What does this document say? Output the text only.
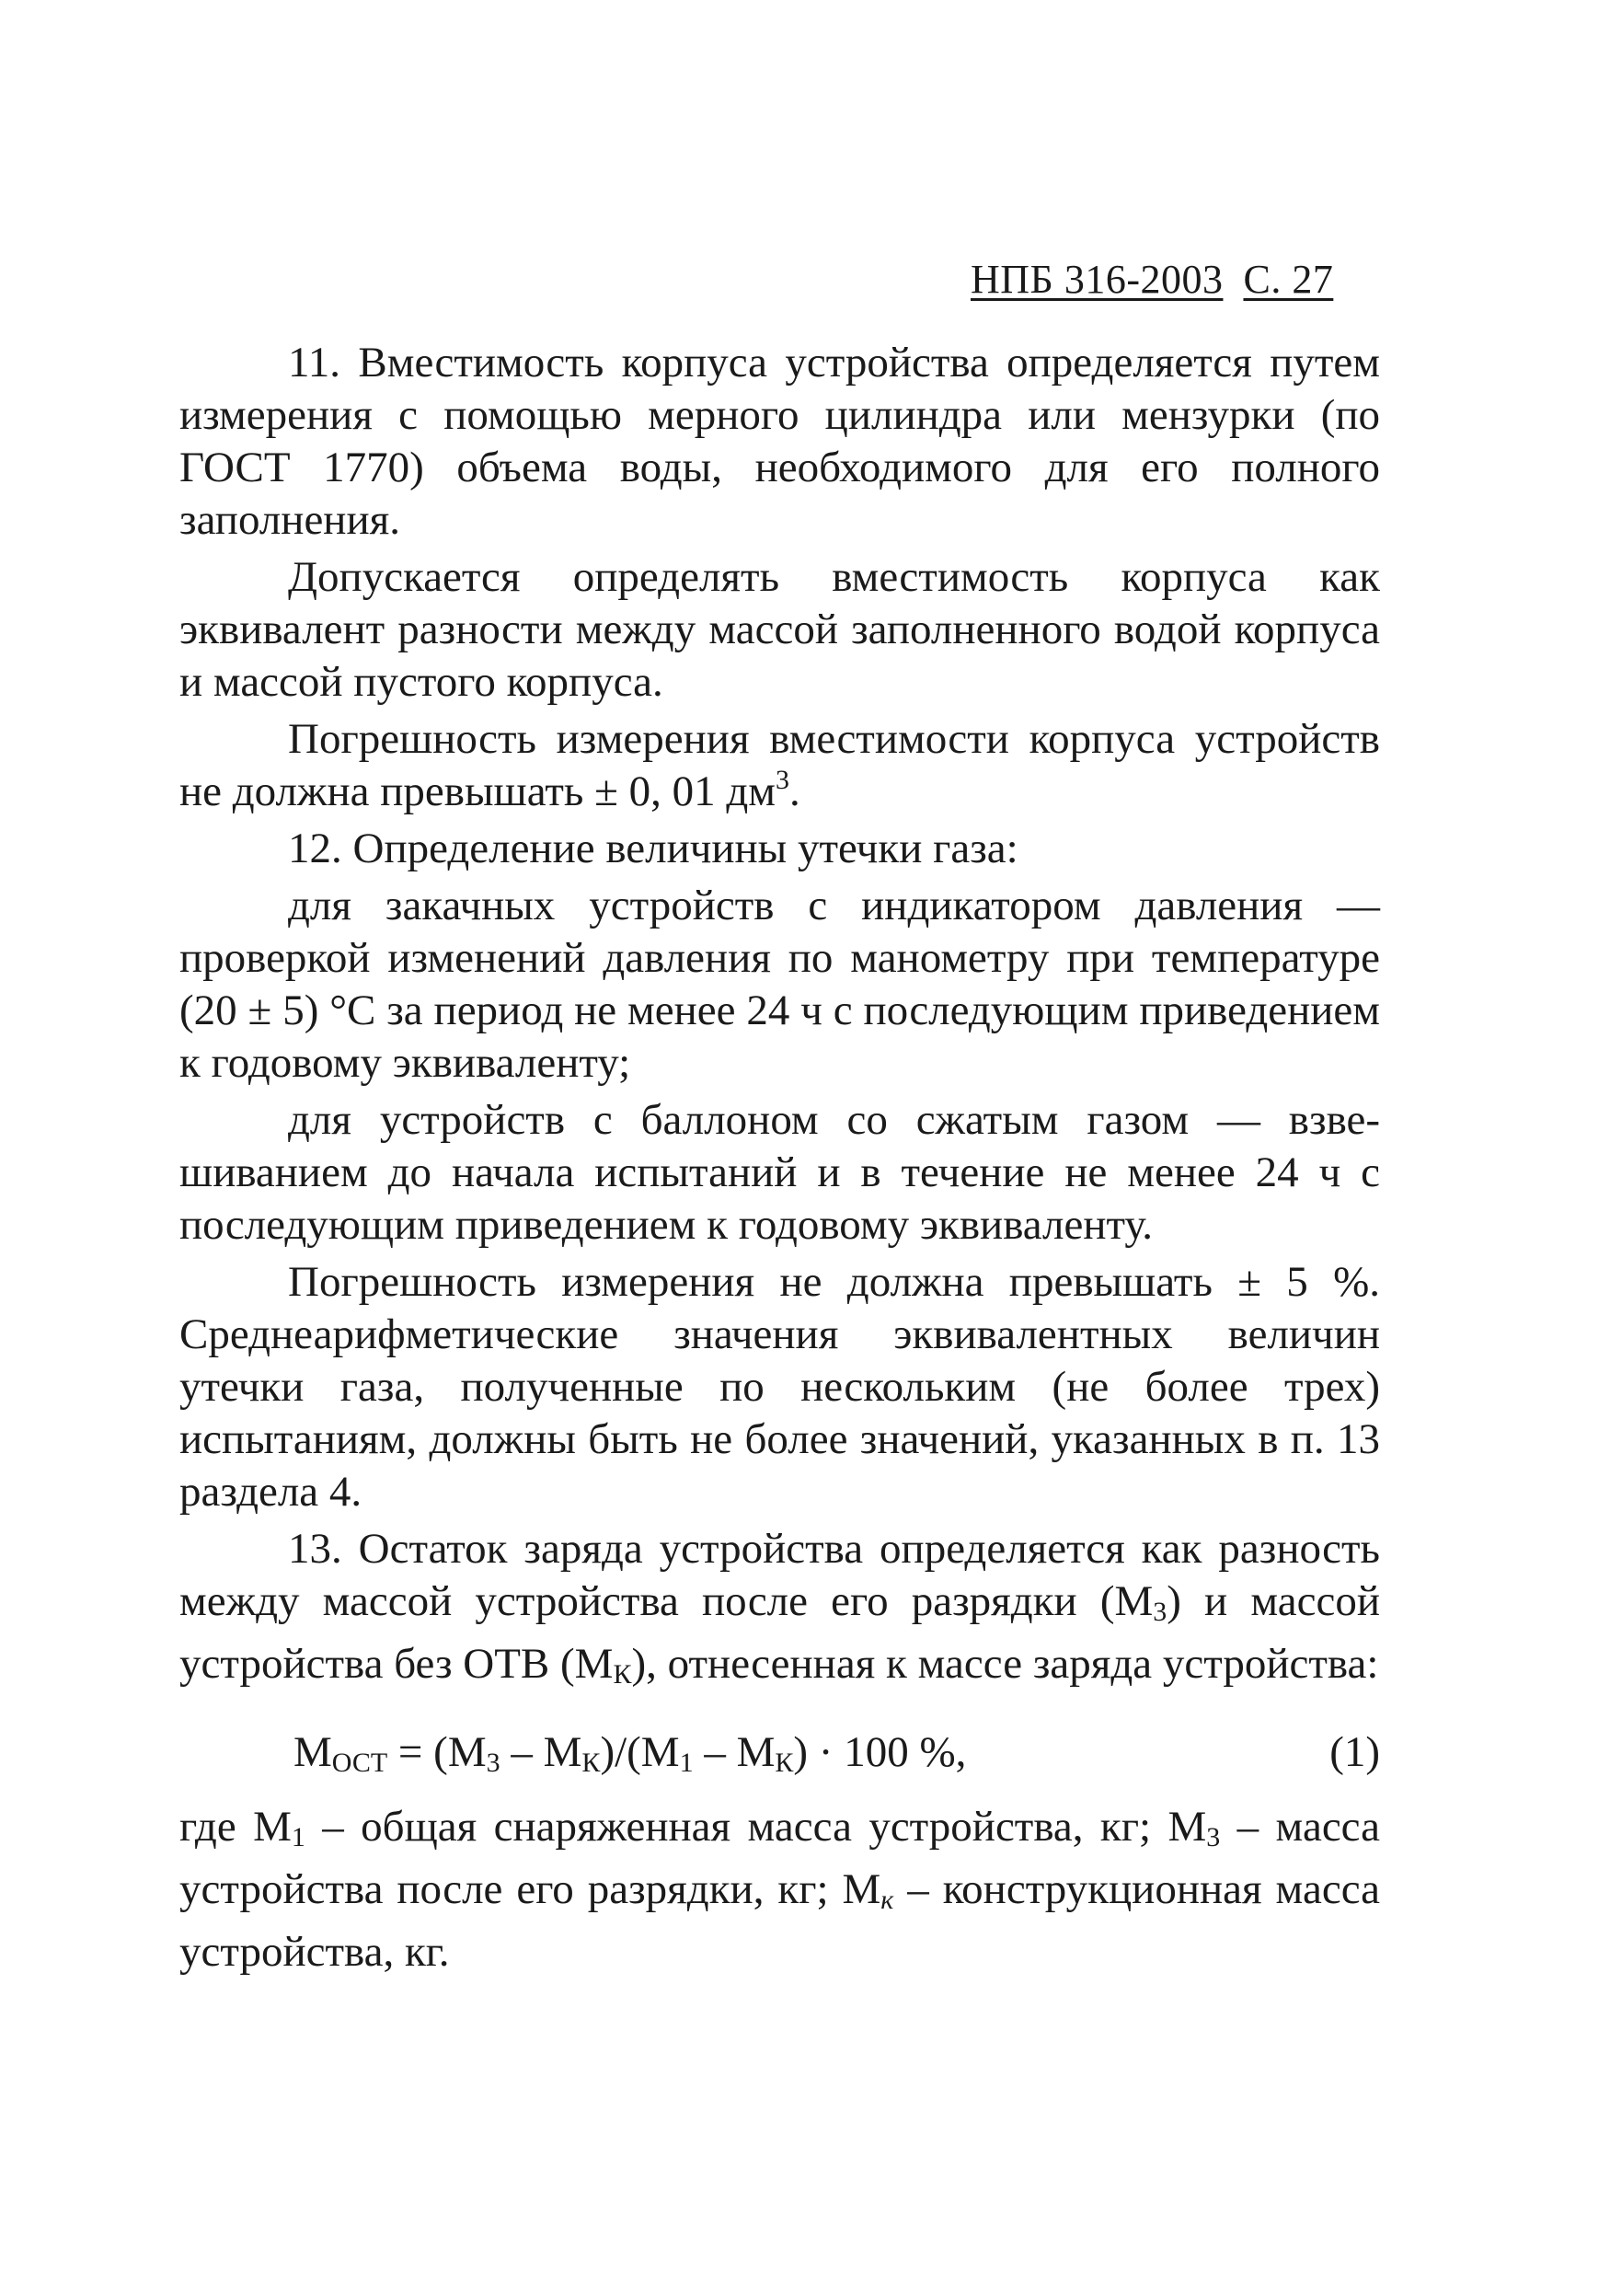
НПБ 316-2003 С. 27

11. Вместимость корпуса устройства определяется путем измерения с помощью мерного цилиндра или мензурки (по ГОСТ 1770) объема воды, необходимого для его полного заполнения.

Допускается определять вместимость корпуса как эквивалент разности между массой заполненного водой корпуса и массой пустого корпуса.

Погрешность измерения вместимости корпуса устройств не должна превышать ± 0, 01 $дм^3$.

12. Определение величины утечки газа:

для закачных устройств с индикатором давления — проверкой изменений давления по манометру при температуре (20 ± 5) °С за период не менее 24 ч с последующим приведением к годовому эквиваленту;

для устройств с баллоном со сжатым газом — взвешиванием до начала испытаний и в течение не менее 24 ч с последующим приведением к годовому эквиваленту.

Погрешность измерения не должна превышать ± 5 %. Среднеарифметические значения эквивалентных величин утечки газа, полученные по нескольким (не более трех) испытаниям, должны быть не более значений, указанных в п. 13 раздела 4.

13. Остаток заряда устройства определяется как разность между массой устройства после его разрядки $(М_3)$ и массой устройства без ОТВ $(М_К)$, отнесенная к массе заряда устройства:

$М_{ОСТ} = (М_3 - М_К)/(М_1 - М_К) \cdot 100$ %,	(1)

где $М_1$ – общая снаряженная масса устройства, кг; $М_3$ – масса устройства после его разрядки, кг; $М_к$ – конструкционная масса устройства, кг.
